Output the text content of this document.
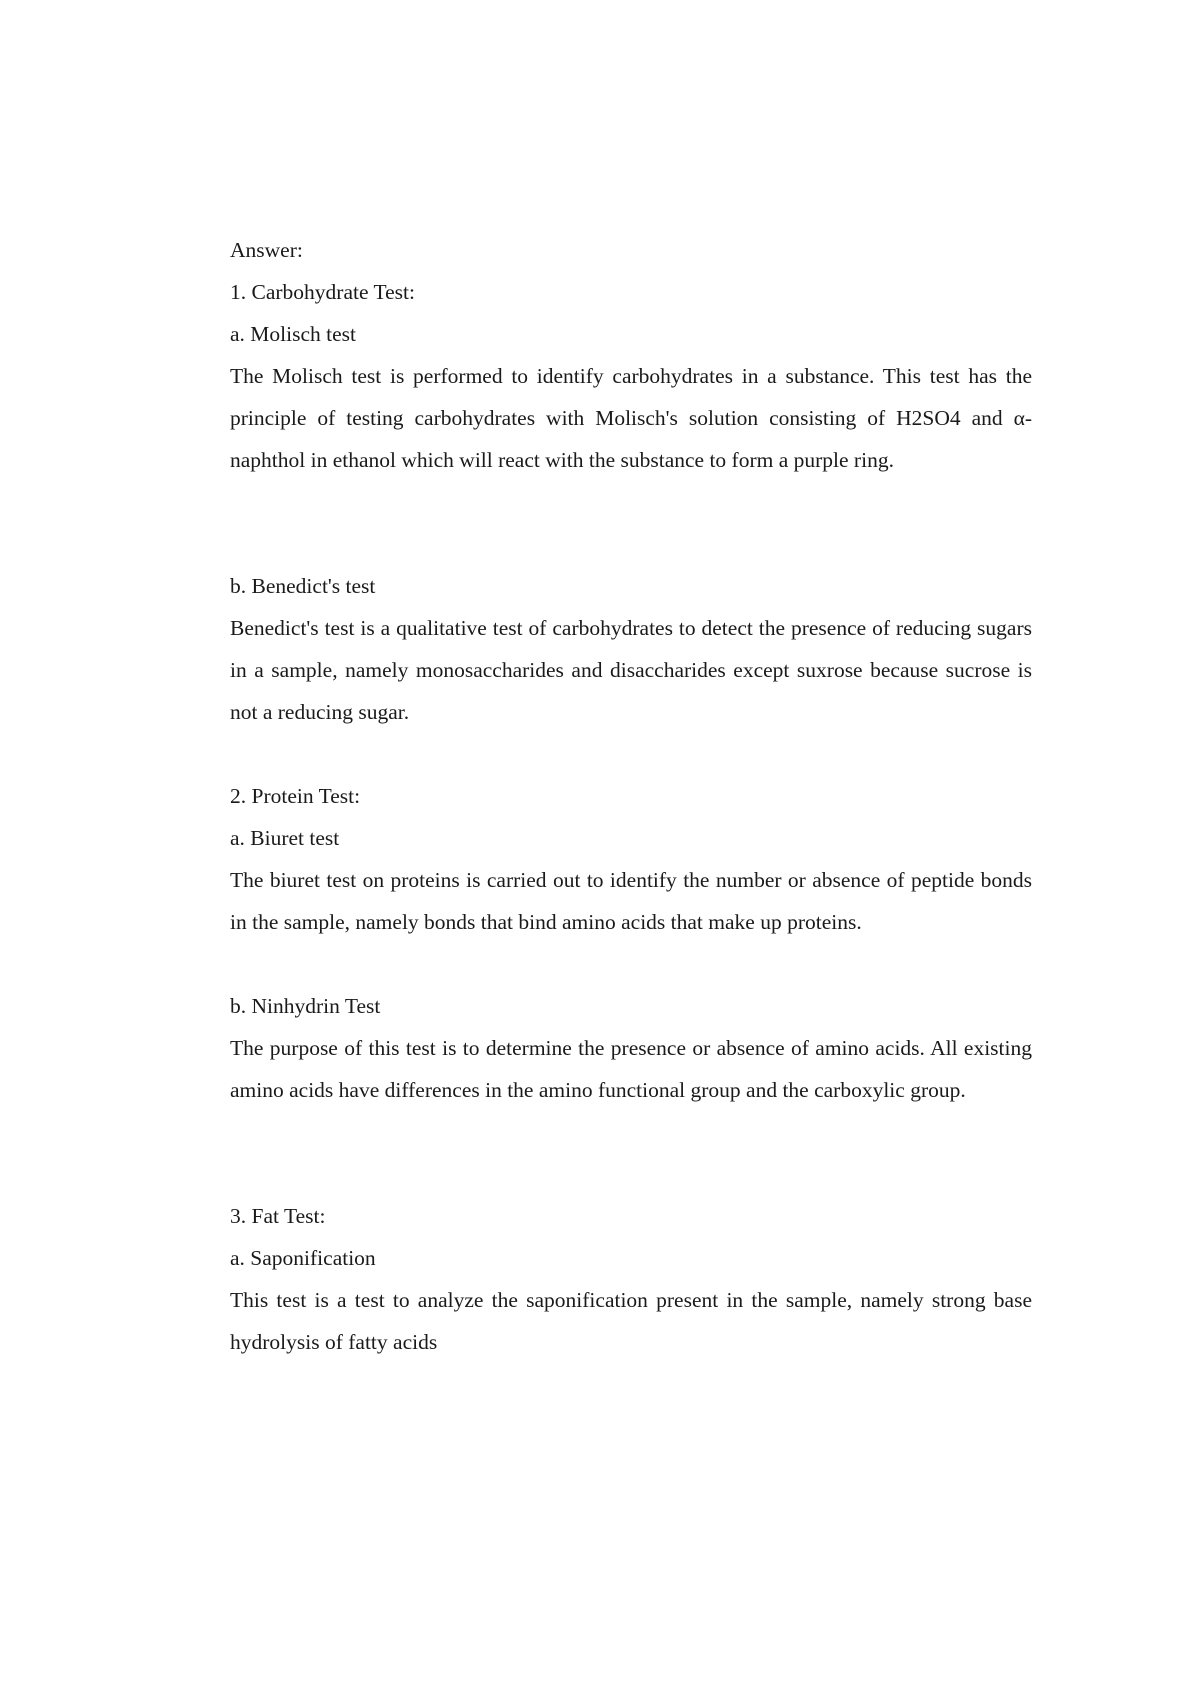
Answer:

1. Carbohydrate Test:

a. Molisch test

The Molisch test is performed to identify carbohydrates in a substance. This test has the principle of testing carbohydrates with Molisch's solution consisting of H2SO4 and α-naphthol in ethanol which will react with the substance to form a purple ring.

b. Benedict's test

Benedict's test is a qualitative test of carbohydrates to detect the presence of reducing sugars in a sample, namely monosaccharides and disaccharides except suxrose because sucrose is not a reducing sugar.

2. Protein Test:

a. Biuret test

The biuret test on proteins is carried out to identify the number or absence of peptide bonds in the sample, namely bonds that bind amino acids that make up proteins.

b. Ninhydrin Test

The purpose of this test is to determine the presence or absence of amino acids. All existing amino acids have differences in the amino functional group and the carboxylic group.

3. Fat Test:

a. Saponification

This test is a test to analyze the saponification present in the sample, namely strong base hydrolysis of fatty acids
